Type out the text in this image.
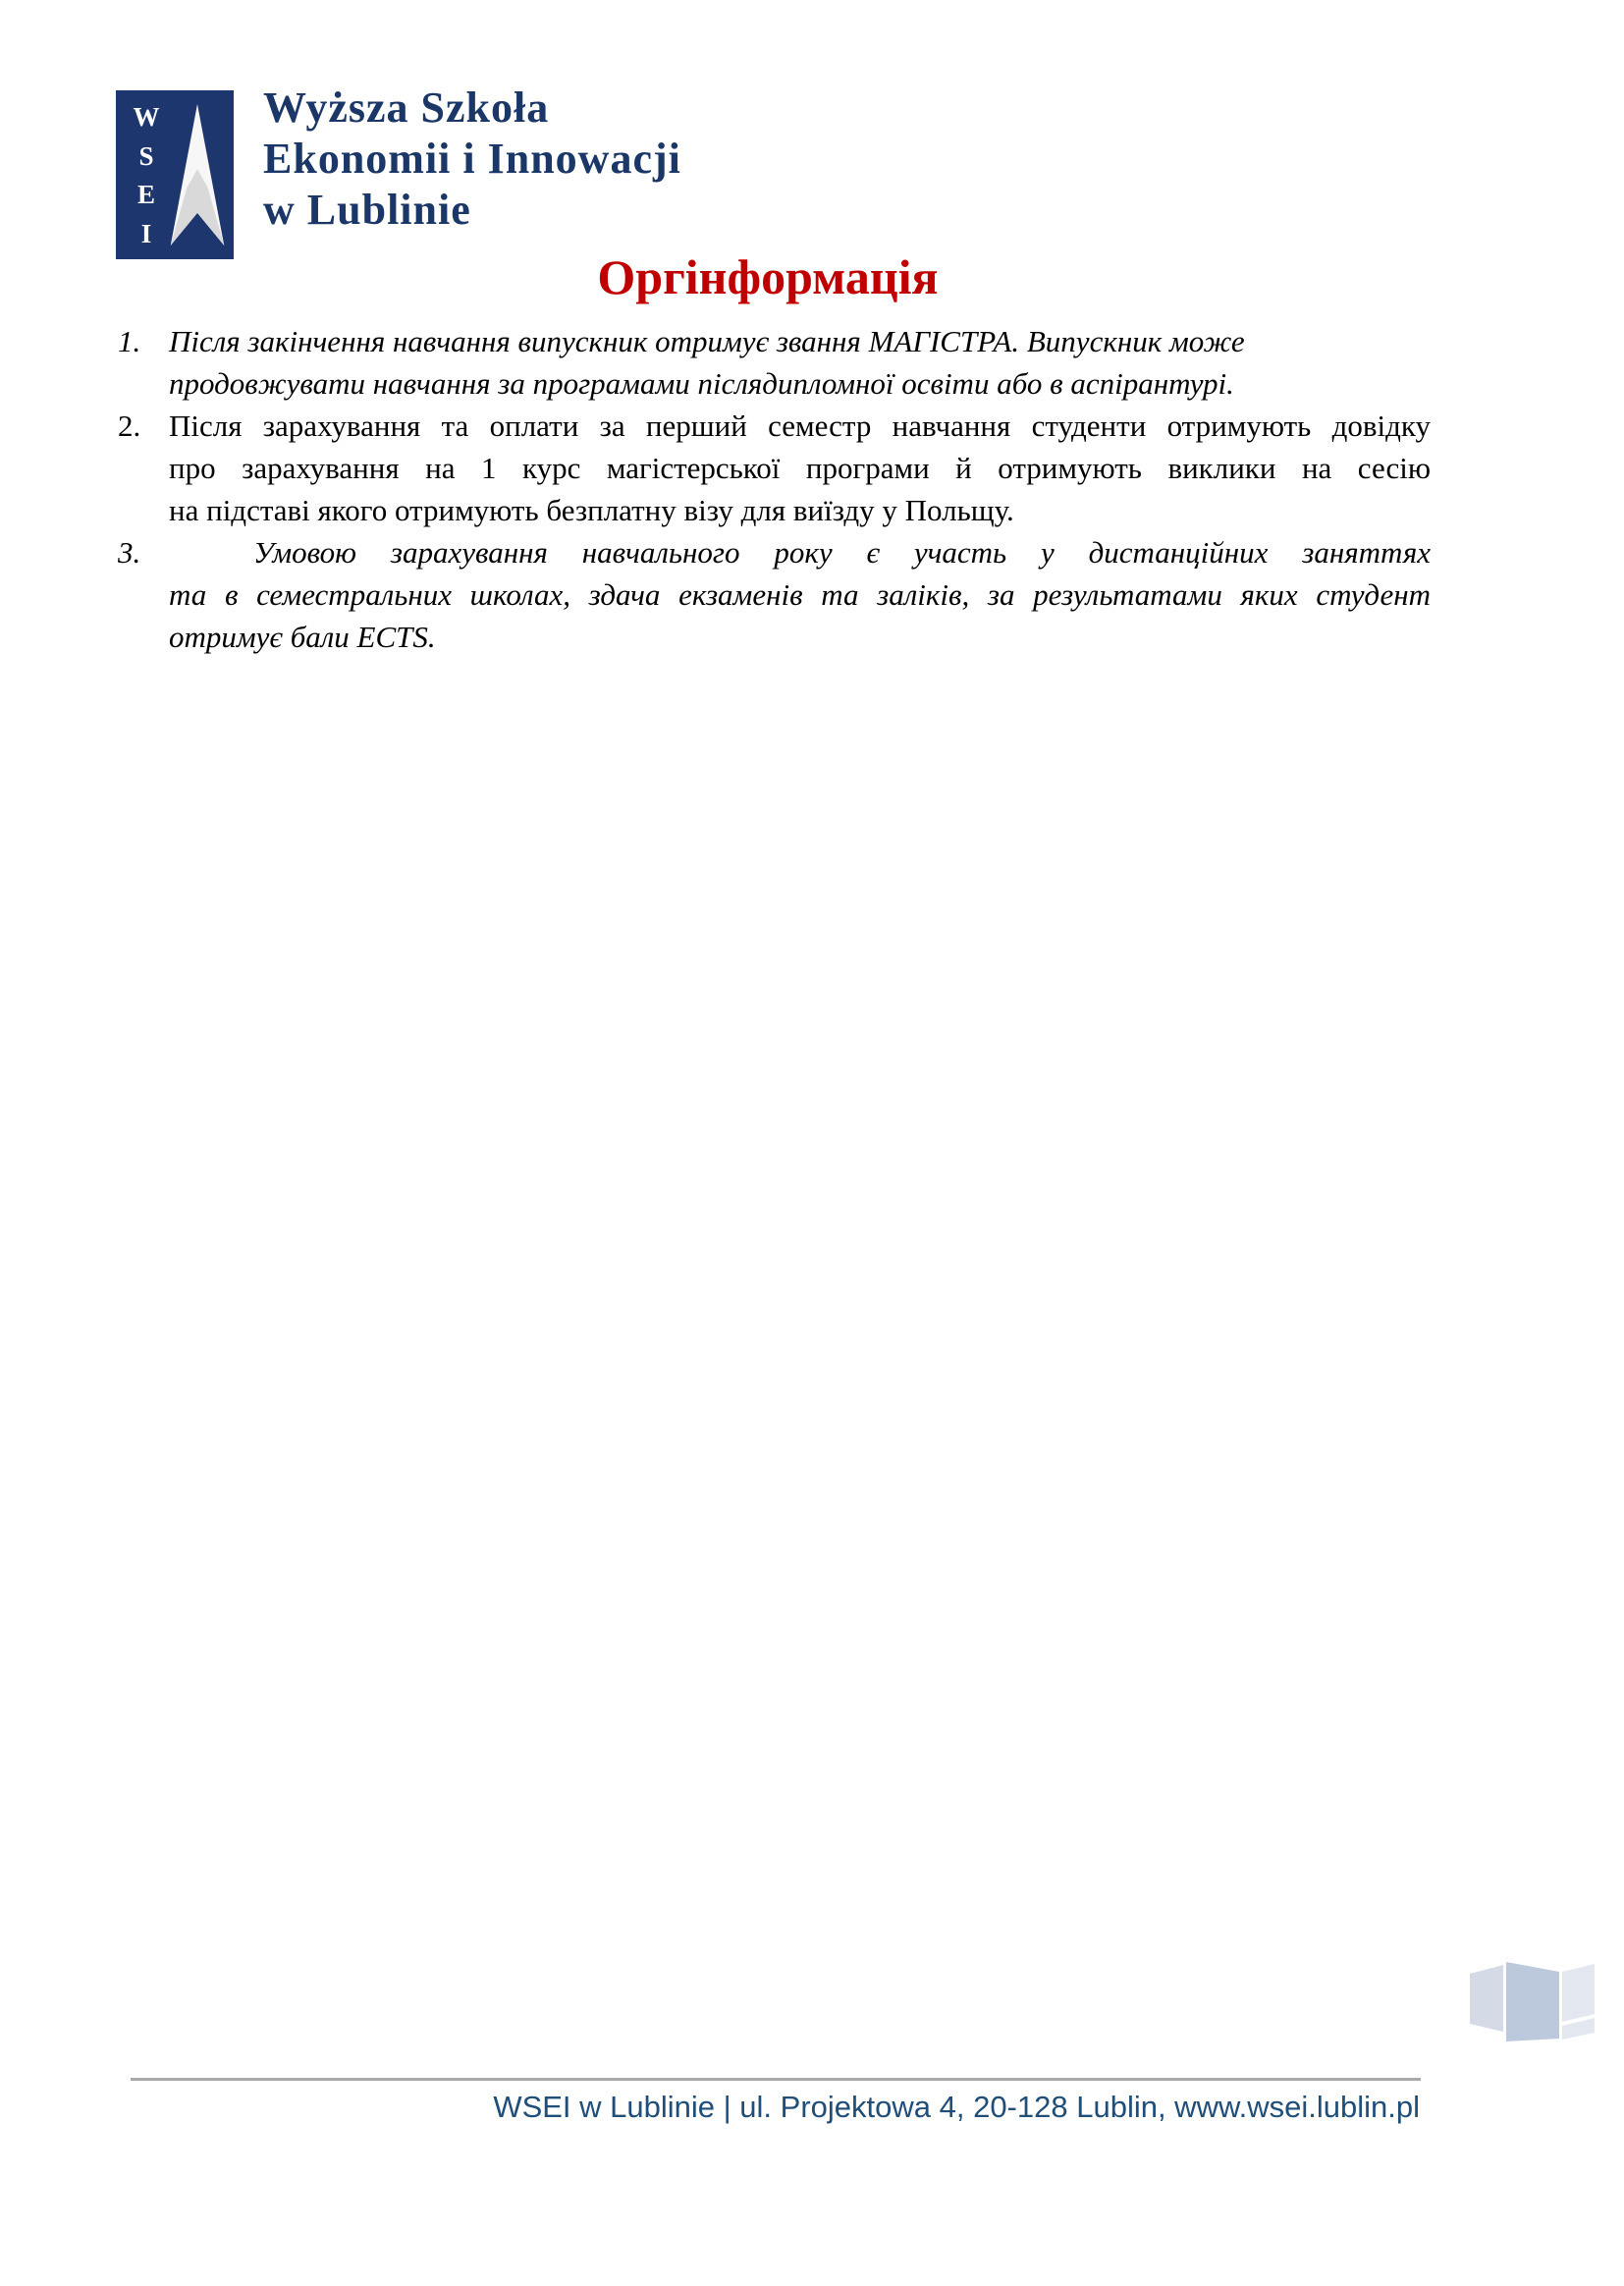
W
S
E
I
Wyższa Szkoła
Ekonomii i Innowacji
w Lublinie
Оргінформація
1. Після закінчення навчання випускник отримує звання МАГІСТРА. Випускник може
продовжувати навчання за програмами післядипломної освіти або в аспірантурі.
2. Після зарахування та оплати за перший семестр навчання студенти отримують довідку
про зарахування на 1 курс магістерської програми й отримують виклики на сесію
на підставі якого отримують безплатну візу для виїзду у Польщу.
3.	Умовою зарахування навчального року є участь у дистанційних заняттях
та в семестральних школах, здача екзаменів та заліків, за результатами яких студент
отримує бали ECTS.
WSEI w Lublinie | ul. Projektowa 4, 20-128 Lublin, www.wsei.lublin.pl
